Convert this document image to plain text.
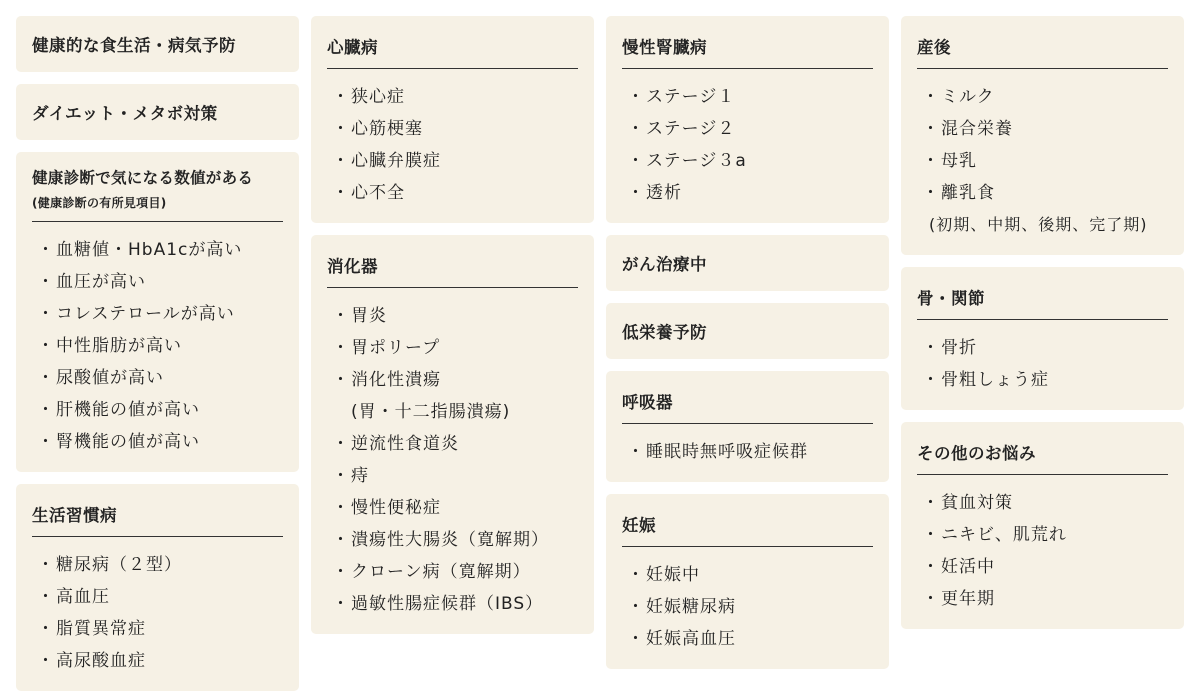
健康的な食生活・病気予防
ダイエット・メタボ対策
健康診断で気になる数値がある
(健康診断の有所見項目)
・血糖値・HbA1cが高い
・血圧が高い
・コレステロールが高い
・中性脂肪が高い
・尿酸値が高い
・肝機能の値が高い
・腎機能の値が高い
生活習慣病
・糖尿病（２型）
・高血圧
・脂質異常症
・高尿酸血症
心臓病
・狭心症
・心筋梗塞
・心臓弁膜症
・心不全
消化器
・胃炎
・胃ポリープ
・消化性潰瘍
(胃・十二指腸潰瘍)
・逆流性食道炎
・痔
・慢性便秘症
・潰瘍性大腸炎（寛解期）
・クローン病（寛解期）
・過敏性腸症候群（IBS）
慢性腎臓病
・ステージ１
・ステージ２
・ステージ３a
・透析
がん治療中
低栄養予防
呼吸器
・睡眠時無呼吸症候群
妊娠
・妊娠中
・妊娠糖尿病
・妊娠高血圧
産後
・ミルク
・混合栄養
・母乳
・離乳食
(初期、中期、後期、完了期)
骨・関節
・骨折
・骨粗しょう症
その他のお悩み
・貧血対策
・ニキビ、肌荒れ
・妊活中
・更年期
